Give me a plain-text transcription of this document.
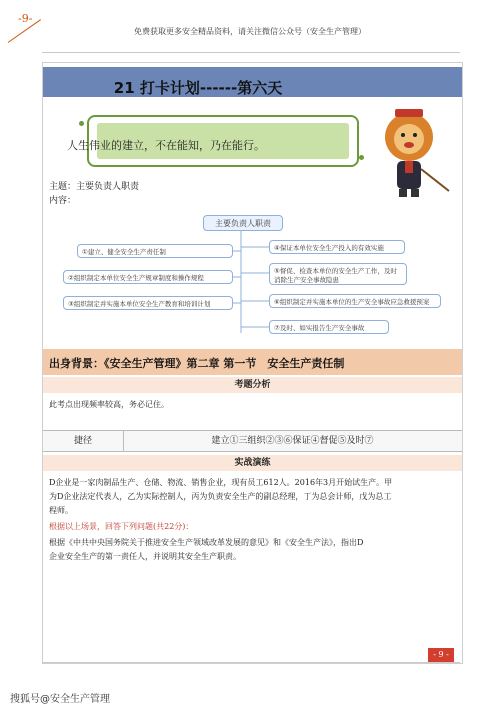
-9-
免费获取更多安全精品资料，请关注微信公众号（安全生产管理）
21 打卡计划------第六天
人生伟业的建立，不在能知，乃在能行。
主题：主要负责人职责
内容：
主要负责人职责
①建立、健全安全生产责任制
②组织制定本单位安全生产规章制度和操作规程
③组织制定并实施本单位安全生产教育和培训计划
④保证本单位安全生产投入的有效实施
⑤督促、检查本单位的安全生产工作，及时消除生产安全事故隐患
⑥组织制定并实施本单位的生产安全事故应急救援预案
⑦及时、如实报告生产安全事故
出身背景：《安全生产管理》第二章 第一节　安全生产责任制
考题分析
此考点出现频率较高，务必记住。
捷径	建立①三组织②③⑥保证④督促⑤及时⑦
实战演练
D企业是一家肉制品生产、仓储、物流、销售企业，现有员工612人。2016年3月开始试生产。甲
为D企业法定代表人，乙为实际控制人，丙为负责安全生产的副总经理，丁为总会计师，戊为总工
程师。
根据以上场景，回答下列问题(共22分)：
根据《中共中央国务院关于推进安全生产领域改革发展的意见》和《安全生产法》，指出D
企业安全生产的第一责任人，并说明其安全生产职责。
- 9 -
搜狐号@安全生产管理
